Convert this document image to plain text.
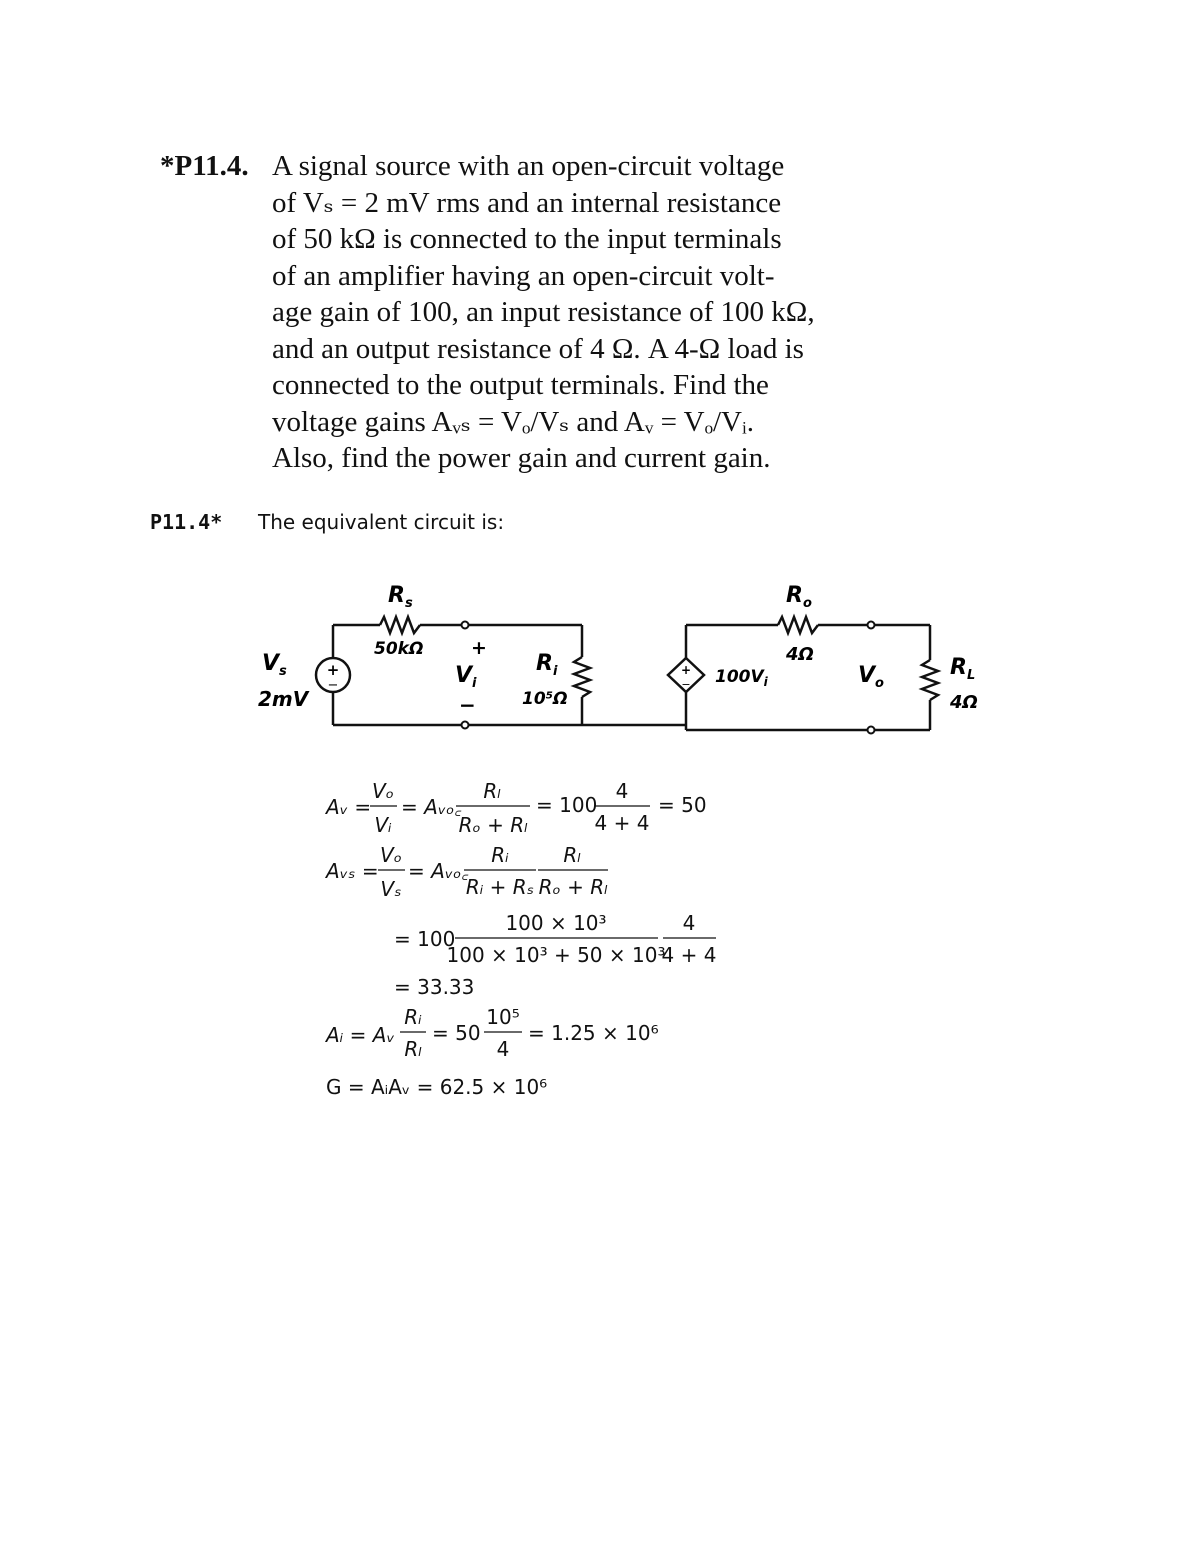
*P11.4. A signal source with an open-circuit voltage
of Vₛ = 2 mV rms and an internal resistance
of 50 kΩ is connected to the input terminals
of an amplifier having an open-circuit volt-
age gain of 100, an input resistance of 100 kΩ,
and an output resistance of 4 Ω. A 4-Ω load is
connected to the output terminals. Find the
voltage gains Aᵥₛ = Vₒ/Vₛ and Aᵥ = Vₒ/Vᵢ.
Also, find the power gain and current gain.
P11.4* The equivalent circuit is:
+
−
+
−
$V_s$
2mV
$R_s$
50kΩ	+
$V_i$
−
$R_i$
10⁵Ω
$100V_i$
$R_o$
4Ω
$V_o$
$R_L$
4Ω
Aᵥ =
Vₒ
Vᵢ
= Aᵥₒ꜀
Rₗ
Rₒ + Rₗ
= 100
4
4 + 4
= 50
Aᵥₛ =
Vₒ
Vₛ
= Aᵥₒ꜀
Rᵢ
Rᵢ + Rₛ
Rₗ
Rₒ + Rₗ
= 100
100 × 10³
100 × 10³ + 50 × 10³
4
4 + 4
= 33.33
Aᵢ = Aᵥ
Rᵢ
Rₗ
= 50
10⁵
4
= 1.25 × 10⁶
G = AᵢAᵥ = 62.5 × 10⁶
